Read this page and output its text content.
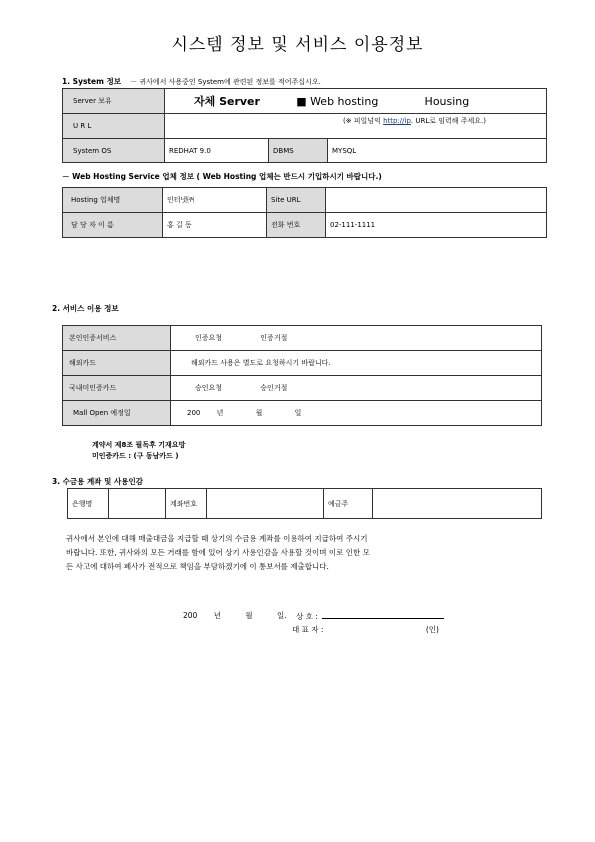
시스템 정보 및 서비스 이용정보
1. System 정보 － 귀사에서 사용중인 System에 관련된 정보를 적어주십시오.
Server 보유	자체 Server ■ Web hosting Housing		
U R L	(※ 피일넘익 http://ip. URL로 임력해 주세요.)		
System OS	REDHAT 9.0	DBMS	MYSQL
－ Web Hosting Service 업체 정보 ( Web Hosting 업체는 반드시 기입하시기 바랍니다.)
Hosting 업체명	인터넷㈜	Site URL	
담 당 자 이 름	홍 길 동	전화 번호	02-111-1111
2. 서비스 이용 정보
본인인증서비스	인증요청 인증거절
해외카드	해외카드 사용은 별도로 요청하시기 바랍니다.
국내미인증카드	승인요청 승인거절
Mall Open 예정일	200 년 월 일
계약서 제8조 필독후 기재요망
미인증카드 : (구 동남카드 )
3. 수금용 계좌 및 사용인감
은행명		계좌번호		예금주	
귀사에서 본인에 대해 매출대금을 지급할 때 상기의 수금용 계좌를 이용하여 지급하여 주시기
바랍니다. 또한, 귀사와의 모든 거래를 함에 있어 상기 사용인감을 사용할 것이며 이로 인한 모
든 사고에 대하여 폐사가 전적으로 책임을 부담하겠기에 이 통보서를 제출합니다.
200 년	월	일. 상 호 :
대 표 자 :	(인)
